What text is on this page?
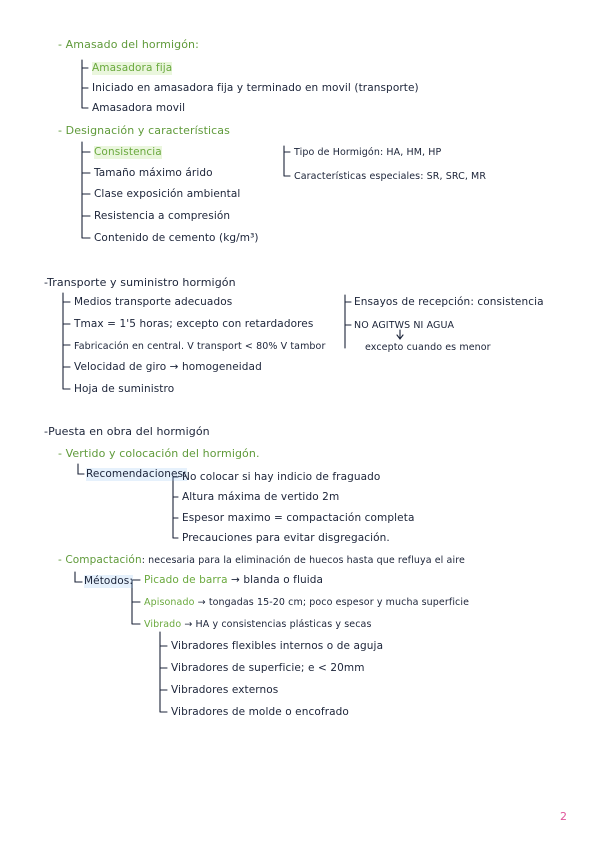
- Amasado del hormigón:
Amasadora fija
Iniciado en amasadora fija y terminado en movil (transporte)
Amasadora movil
- Designación y características
Consistencia
Tamaño máximo árido
Clase exposición ambiental
Resistencia a compresión
Contenido de cemento (kg/m³)
Tipo de Hormigón: HA, HM, HP
Características especiales: SR, SRC, MR
-Transporte y suministro hormigón
Medios transporte adecuados
Tmax = 1'5 horas; excepto con retardadores
Fabricación en central. V transport < 80% V tambor
Velocidad de giro → homogeneidad
Hoja de suministro
Ensayos de recepción: consistencia
NO AGITWS NI AGUA
excepto cuando es menor
-Puesta en obra del hormigón
- Vertido y colocación del hormigón.
Recomendaciones:
No colocar si hay indicio de fraguado
Altura máxima de vertido 2m
Espesor maximo = compactación completa
Precauciones para evitar disgregación.
- Compactación: necesaria para la eliminación de huecos hasta que refluya el aire
Métodos: Picado de barra → blanda o fluida
Apisonado → tongadas 15-20 cm; poco espesor y mucha superficie
Vibrado → HA y consistencias plásticas y secas
Vibradores flexibles internos o de aguja
Vibradores de superficie; e < 20mm
Vibradores externos
Vibradores de molde o encofrado
2
